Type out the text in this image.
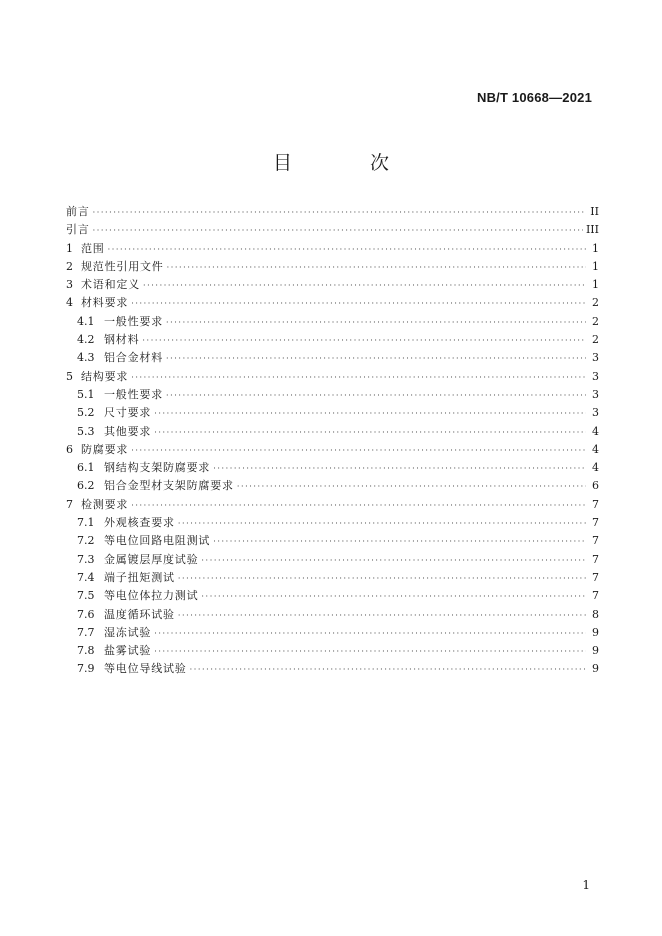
NB/T 10668—2021
目 次
前言 ·····	II
引言 ·····	III
1 范围 ·····	1
2 规范性引用文件 ·····	1
3 术语和定义 ·····	1
4 材料要求 ·····	2
4.1 一般性要求 ·····	2
4.2 钢材料 ·····	2
4.3 铝合金材料 ·····	3
5 结构要求 ·····	3
5.1 一般性要求 ·····	3
5.2 尺寸要求 ·····	3
5.3 其他要求 ·····	4
6 防腐要求 ·····	4
6.1 钢结构支架防腐要求 ·····	4
6.2 铝合金型材支架防腐要求 ·····	6
7 检测要求 ·····	7
7.1 外观核查要求 ·····	7
7.2 等电位回路电阻测试 ·····	7
7.3 金属镀层厚度试验 ·····	7
7.4 端子扭矩测试 ·····	7
7.5 等电位体拉力测试 ·····	7
7.6 温度循环试验 ·····	8
7.7 湿冻试验 ·····	9
7.8 盐雾试验 ·····	9
7.9 等电位导线试验 ·····	9
1
